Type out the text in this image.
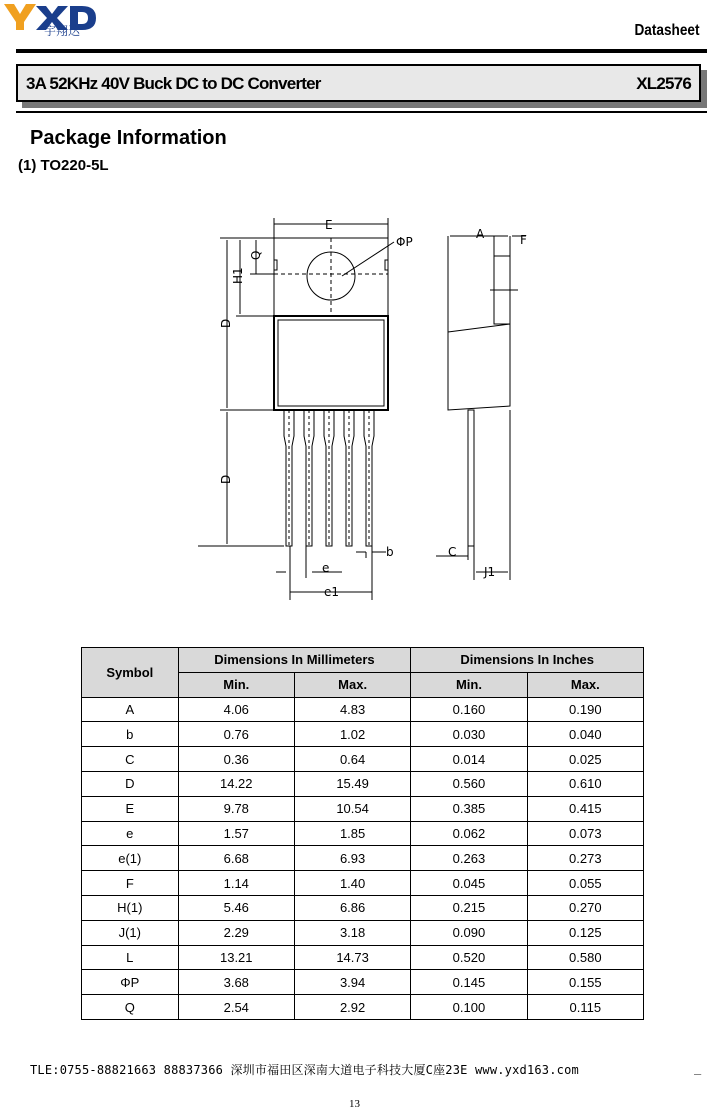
宇翔达	Datasheet
3A 52KHz 40V Buck DC to DC Converter	XL2576
Package Information
(1) TO220-5L
E
ΦP
Q
H1
D
D
A	F
C
J1
b
e
e1
Symbol	Dimensions In Millimeters		Dimensions In Inches	
	Min.	Max.	Min.	Max.
A	4.06	4.83	0.160	0.190
b	0.76	1.02	0.030	0.040
C	0.36	0.64	0.014	0.025
D	14.22	15.49	0.560	0.610
E	9.78	10.54	0.385	0.415
e	1.57	1.85	0.062	0.073
e(1)	6.68	6.93	0.263	0.273
F	1.14	1.40	0.045	0.055
H(1)	5.46	6.86	0.215	0.270
J(1)	2.29	3.18	0.090	0.125
L	13.21	14.73	0.520	0.580
ΦP	3.68	3.94	0.145	0.155
Q	2.54	2.92	0.100	0.115
TLE:0755-88821663 88837366 深圳市福田区深南大道电子科技大厦C座23E www.yxd163.com	_
13
